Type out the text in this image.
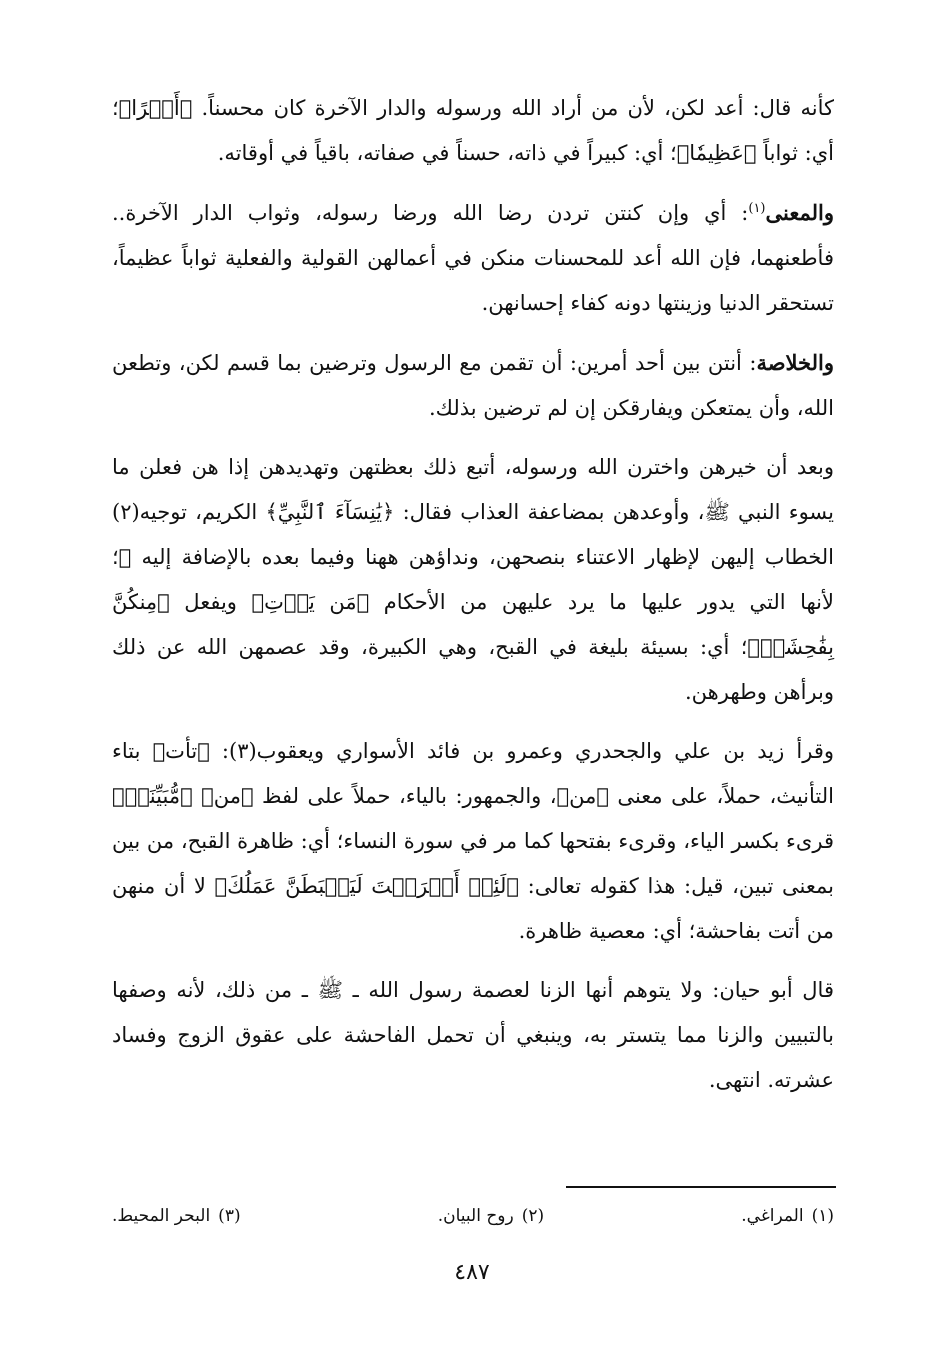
كأنه قال: أعد لكن، لأن من أراد الله ورسوله والدار الآخرة كان محسناً. ﴿أَجۡرًا﴾؛ أي: ثواباً ﴿عَظِيمٗا﴾؛ أي: كبيراً في ذاته، حسناً في صفاته، باقياً في أوقاته.

والمعنى$^{(١)}$: أي وإن كنتن تردن رضا الله ورضا رسوله، وثواب الدار الآخرة.. فأطعنهما، فإن الله أعد للمحسنات منكن في أعمالهن القولية والفعلية ثواباً عظيماً، تستحقر الدنيا وزينتها دونه كفاء إحسانهن.

والخلاصة: أنتن بين أحد أمرين: أن تقمن مع الرسول وترضين بما قسم لكن، وتطعن الله، وأن يمتعكن ويفارقكن إن لم ترضين بذلك.

وبعد أن خيرهن واخترن الله ورسوله، أتبع ذلك بعظتهن وتهديدهن إذا هن فعلن ما يسوء النبي ﷺ، وأوعدهن بمضاعفة العذاب فقال: ﴿يَٰنِسَآءَ ٱلنَّبِيِّ﴾ الكريم، توجيه(٢) الخطاب إليهن لإظهار الاعتناء بنصحهن، ونداؤهن ههنا وفيما بعده بالإضافة إليه ﷺ؛ لأنها التي يدور عليها ما يرد عليهن من الأحكام ﴿مَن يَأۡتِ﴾ ويفعل ﴿مِنكُنَّ بِفَٰحِشَةٖ﴾؛ أي: بسيئة بليغة في القبح، وهي الكبيرة، وقد عصمهن الله عن ذلك وبرأهن وطهرهن.

وقرأ زيد بن علي والجحدري وعمرو بن فائد الأسواري ويعقوب(٣): ﴿تأت﴾ بتاء التأنيث، حملاً، على معنى ﴿من﴾، والجمهور: بالياء، حملاً على لفظ ﴿من﴾ ﴿مُّبَيِّنَةٖ﴾ قرىء بكسر الياء، وقرىء بفتحها كما مر في سورة النساء؛ أي: ظاهرة القبح، من بين بمعنى تبين، قيل: هذا كقوله تعالى: ﴿لَئِنۡ أَشۡرَكۡتَ لَيَحۡبَطَنَّ عَمَلُكَ﴾ لا أن منهن من أتت بفاحشة؛ أي: معصية ظاهرة.

قال أبو حيان: ولا يتوهم أنها الزنا لعصمة رسول الله ـ ﷺ ـ من ذلك، لأنه وصفها بالتبيين والزنا مما يتستر به، وينبغي أن تحمل الفاحشة على عقوق الزوج وفساد عشرته. انتهى.

(١)المراغي.
(٢)روح البيان.
(٣)البحر المحيط.
٤٨٧
